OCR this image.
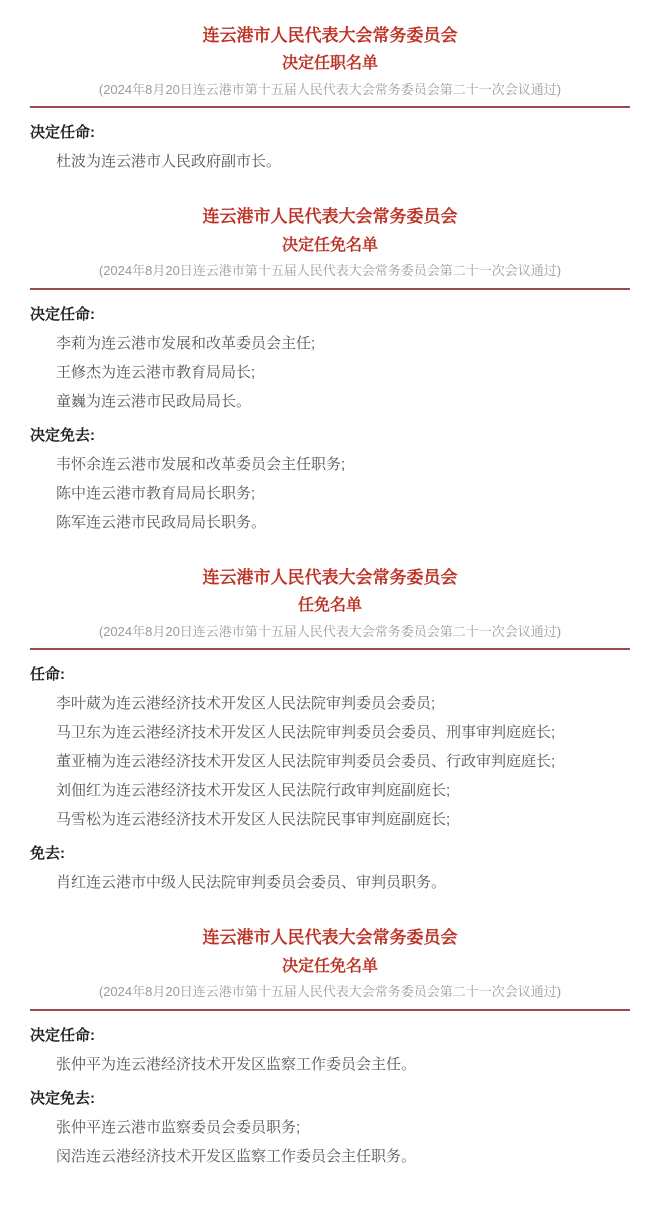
连云港市人民代表大会常务委员会
决定任职名单

(2024年8月20日连云港市第十五届人民代表大会常务委员会第二十一次会议通过)

决定任命:

杜波为连云港市人民政府副市长。

连云港市人民代表大会常务委员会
决定任免名单

(2024年8月20日连云港市第十五届人民代表大会常务委员会第二十一次会议通过)

决定任命:

李莉为连云港市发展和改革委员会主任;

王修杰为连云港市教育局局长;

童巍为连云港市民政局局长。

决定免去:

韦怀余连云港市发展和改革委员会主任职务;

陈中连云港市教育局局长职务;

陈军连云港市民政局局长职务。

连云港市人民代表大会常务委员会
任免名单

(2024年8月20日连云港市第十五届人民代表大会常务委员会第二十一次会议通过)

任命:

李叶葳为连云港经济技术开发区人民法院审判委员会委员;

马卫东为连云港经济技术开发区人民法院审判委员会委员、刑事审判庭庭长;

董亚楠为连云港经济技术开发区人民法院审判委员会委员、行政审判庭庭长;

刘佃红为连云港经济技术开发区人民法院行政审判庭副庭长;

马雪松为连云港经济技术开发区人民法院民事审判庭副庭长;

免去:

肖红连云港市中级人民法院审判委员会委员、审判员职务。

连云港市人民代表大会常务委员会
决定任免名单

(2024年8月20日连云港市第十五届人民代表大会常务委员会第二十一次会议通过)

决定任命:

张仲平为连云港经济技术开发区监察工作委员会主任。

决定免去:

张仲平连云港市监察委员会委员职务;

闵浩连云港经济技术开发区监察工作委员会主任职务。
